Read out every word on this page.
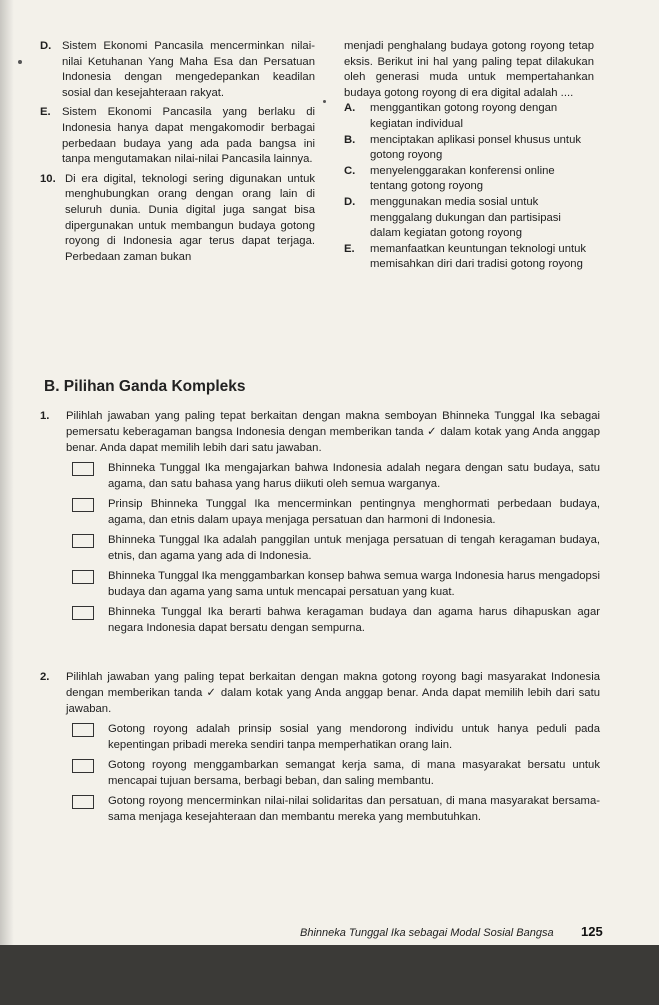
D. Sistem Ekonomi Pancasila mencerminkan nilai-nilai Ketuhanan Yang Maha Esa dan Persatuan Indonesia dengan mengedepankan keadilan sosial dan kesejahteraan rakyat.
E.	Sistem Ekonomi Pancasila yang berlaku di Indonesia hanya dapat mengakomodir berbagai perbedaan budaya yang ada pada bangsa ini tanpa mengutamakan nilai-nilai Pancasila lainnya.
10. Di era digital, teknologi sering digunakan untuk menghubungkan orang dengan orang lain di seluruh dunia. Dunia digital juga sangat bisa dipergunakan untuk membangun budaya gotong royong di Indonesia agar terus dapat terjaga. Perbedaan zaman bukan
menjadi penghalang budaya gotong royong tetap eksis. Berikut ini hal yang paling tepat dilakukan oleh generasi muda untuk mempertahankan budaya gotong royong di era digital adalah ....
A.	menggantikan gotong royong dengan kegiatan individual
B.	menciptakan aplikasi ponsel khusus untuk gotong royong
C.	menyelenggarakan konferensi online tentang gotong royong
D.	menggunakan media sosial untuk menggalang dukungan dan partisipasi dalam kegiatan gotong royong
E.	memanfaatkan keuntungan teknologi untuk memisahkan diri dari tradisi gotong royong
B. Pilihan Ganda Kompleks
1.	Pilihlah jawaban yang paling tepat berkaitan dengan makna semboyan Bhinneka Tunggal Ika sebagai pemersatu keberagaman bangsa Indonesia dengan memberikan tanda ✓ dalam kotak yang Anda anggap benar. Anda dapat memilih lebih dari satu jawaban.
Bhinneka Tunggal Ika mengajarkan bahwa Indonesia adalah negara dengan satu budaya, satu agama, dan satu bahasa yang harus diikuti oleh semua warganya.
Prinsip Bhinneka Tunggal Ika mencerminkan pentingnya menghormati perbedaan budaya, agama, dan etnis dalam upaya menjaga persatuan dan harmoni di Indonesia.
Bhinneka Tunggal Ika adalah panggilan untuk menjaga persatuan di tengah keragaman budaya, etnis, dan agama yang ada di Indonesia.
Bhinneka Tunggal Ika menggambarkan konsep bahwa semua warga Indonesia harus mengadopsi budaya dan agama yang sama untuk mencapai persatuan yang kuat.
Bhinneka Tunggal Ika berarti bahwa keragaman budaya dan agama harus dihapuskan agar negara Indonesia dapat bersatu dengan sempurna.
2.	Pilihlah jawaban yang paling tepat berkaitan dengan makna gotong royong bagi masyarakat Indonesia dengan memberikan tanda ✓ dalam kotak yang Anda anggap benar. Anda dapat memilih lebih dari satu jawaban.
Gotong royong adalah prinsip sosial yang mendorong individu untuk hanya peduli pada kepentingan pribadi mereka sendiri tanpa memperhatikan orang lain.
Gotong royong menggambarkan semangat kerja sama, di mana masyarakat bersatu untuk mencapai tujuan bersama, berbagi beban, dan saling membantu.
Gotong royong mencerminkan nilai-nilai solidaritas dan persatuan, di mana masyarakat bersama-sama menjaga kesejahteraan dan membantu mereka yang membutuhkan.
Bhinneka Tunggal Ika sebagai Modal Sosial Bangsa 125
